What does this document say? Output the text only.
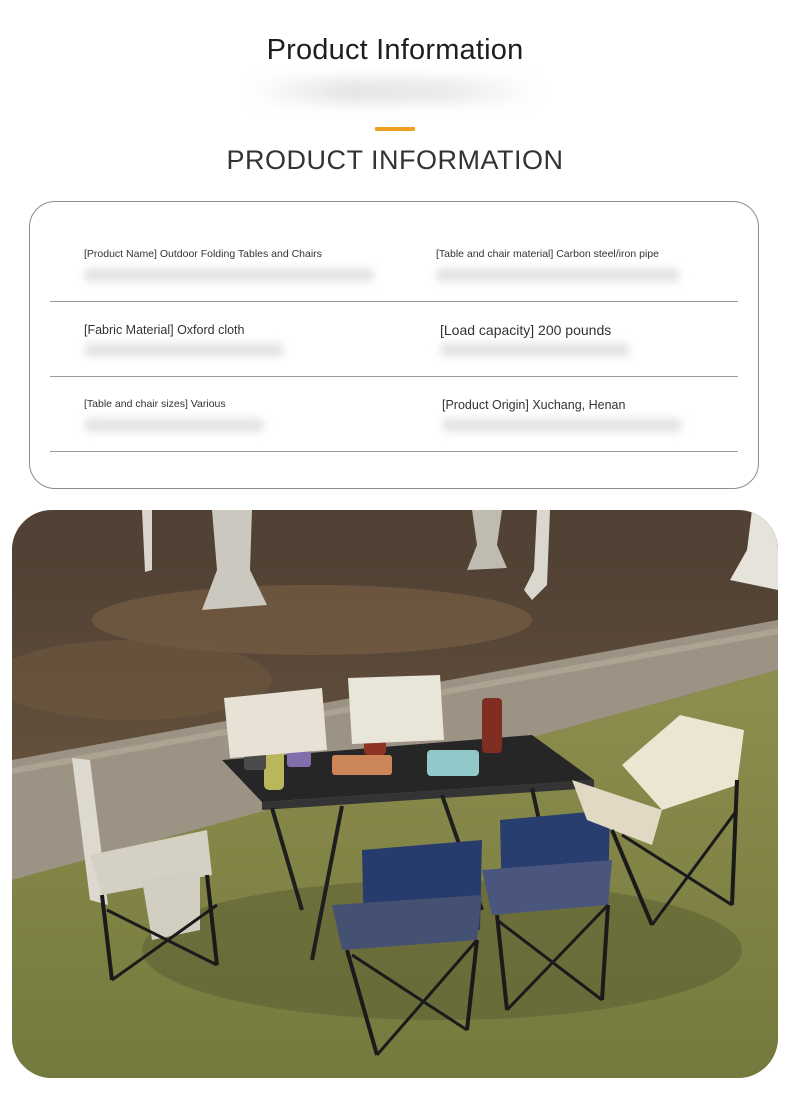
Product Information
PRODUCT INFORMATION
[Product Name] Outdoor Folding Tables and Chairs	[Table and chair material] Carbon steel/iron pipe
[Fabric Material] Oxford cloth	[Load capacity] 200 pounds
[Table and chair sizes] Various	[Product Origin] Xuchang, Henan
